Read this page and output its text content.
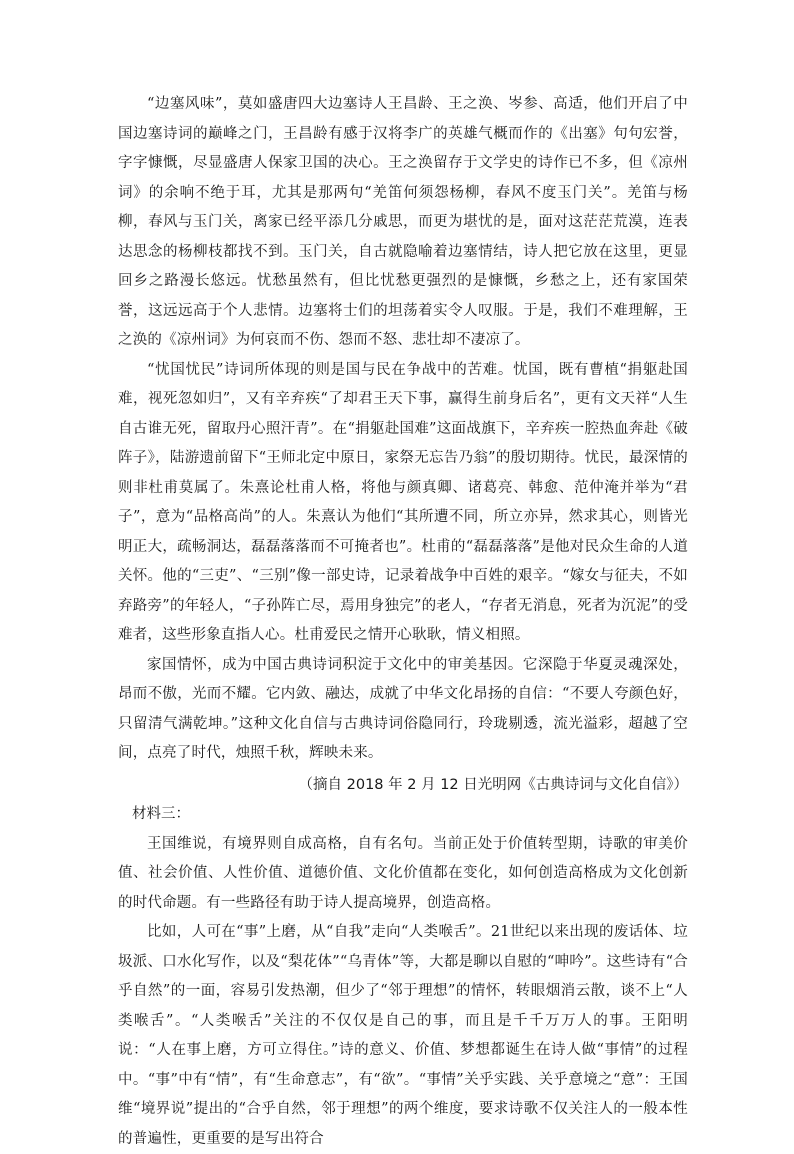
“边塞风味”，莫如盛唐四大边塞诗人王昌龄、王之涣、岑参、高适，他们开启了中国边塞诗词的巅峰之门，王昌龄有感于汉将李广的英雄气概而作的《出塞》句句宏誉，字字慷慨，尽显盛唐人保家卫国的决心。王之涣留存于文学史的诗作已不多，但《凉州词》的余响不绝于耳，尤其是那两句“羌笛何须怨杨柳，春风不度玉门关”。羌笛与杨柳，春风与玉门关，离家已经平添几分戚思，而更为堪忧的是，面对这茫茫荒漠，连表达思念的杨柳枝都找不到。玉门关，自古就隐喻着边塞情结，诗人把它放在这里，更显回乡之路漫长悠远。忧愁虽然有，但比忧愁更强烈的是慷慨，乡愁之上，还有家国荣誉，这远远高于个人悲情。边塞将士们的坦荡着实令人叹服。于是，我们不难理解，王之涣的《凉州词》为何哀而不伤、怨而不怒、悲壮却不凄凉了。

“忧国忧民”诗词所体现的则是国与民在争战中的苦难。忧国，既有曹植“捐躯赴国难，视死忽如归”，又有辛弃疾“了却君王天下事，赢得生前身后名”，更有文天祥“人生自古谁无死，留取丹心照汗青”。在“捐躯赴国难”这面战旗下，辛弃疾一腔热血奔赴《破阵子》，陆游遗前留下“王师北定中原日，家祭无忘告乃翁”的殷切期待。忧民，最深情的则非杜甫莫属了。朱熹论杜甫人格，将他与颜真卿、诸葛亮、韩愈、范仲淹并举为“君子”，意为“品格高尚”的人。朱熹认为他们“其所遭不同，所立亦异，然求其心，则皆光明正大，疏畅洞达，磊磊落落而不可掩者也”。杜甫的“磊磊落落”是他对民众生命的人道关怀。他的“三吏”、“三别”像一部史诗，记录着战争中百姓的艰辛。“嫁女与征夫，不如弃路旁”的年轻人，“子孙阵亡尽，焉用身独完”的老人，“存者无消息，死者为沉泥”的受难者，这些形象直指人心。杜甫爱民之情开心耿耿，情义相照。

家国情怀，成为中国古典诗词积淀于文化中的审美基因。它深隐于华夏灵魂深处，昂而不傲，光而不耀。它内敛、融达，成就了中华文化昂扬的自信：“不要人夸颜色好，只留清气满乾坤。”这种文化自信与古典诗词俗隐同行，玲珑剔透，流光溢彩，超越了空间，点亮了时代，烛照千秋，辉映未来。

（摘自 2018 年 2 月 12 日光明网《古典诗词与文化自信》）

材料三：

王国维说，有境界则自成高格，自有名句。当前正处于价值转型期，诗歌的审美价值、社会价值、人性价值、道德价值、文化价值都在变化，如何创造高格成为文化创新的时代命题。有一些路径有助于诗人提高境界，创造高格。

比如，人可在“事”上磨，从“自我”走向“人类喉舌”。21世纪以来出现的废话体、垃圾派、口水化写作，以及“梨花体”“乌青体”等，大都是聊以自慰的“呻吟”。这些诗有“合乎自然”的一面，容易引发热潮，但少了“邻于理想”的情怀，转眼烟消云散，谈不上“人类喉舌”。“人类喉舌”关注的不仅仅是自己的事，而且是千千万万人的事。王阳明说：“人在事上磨，方可立得住。”诗的意义、价值、梦想都诞生在诗人做“事情”的过程中。“事”中有“情”，有“生命意志”，有“欲”。“事情”关乎实践、关乎意境之“意”：王国维“境界说”提出的“合乎自然，邻于理想”的两个维度，要求诗歌不仅关注人的一般本性的普遍性，更重要的是写出符合
